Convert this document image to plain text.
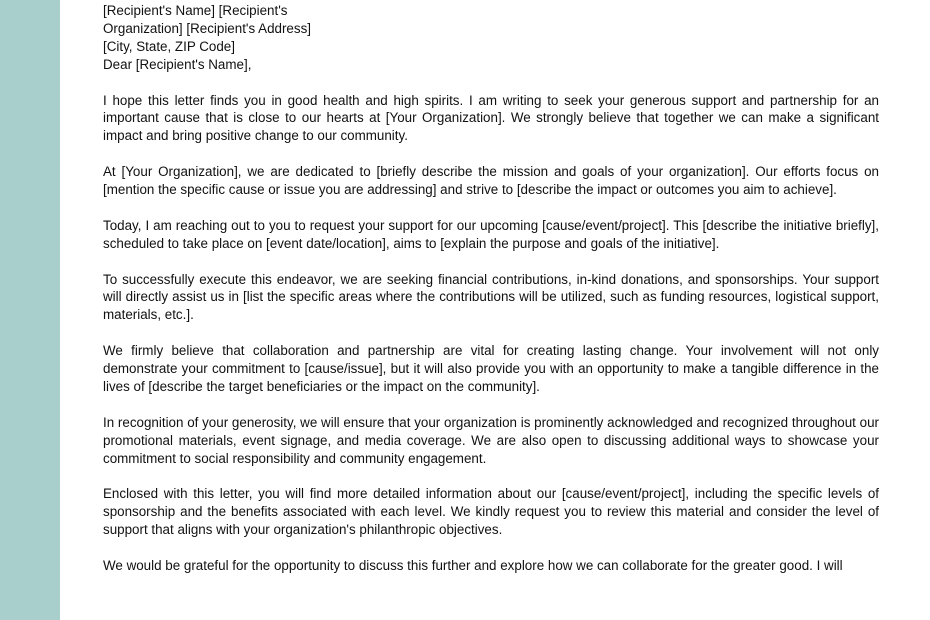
[Recipient's Name] [Recipient's Organization] [Recipient's Address]
[City, State, ZIP Code]

Dear [Recipient's Name],

I hope this letter finds you in good health and high spirits. I am writing to seek your generous support and partnership for an important cause that is close to our hearts at [Your Organization]. We strongly believe that together we can make a significant impact and bring positive change to our community.

At [Your Organization], we are dedicated to [briefly describe the mission and goals of your organization]. Our efforts focus on [mention the specific cause or issue you are addressing] and strive to [describe the impact or outcomes you aim to achieve].

Today, I am reaching out to you to request your support for our upcoming [cause/event/project]. This [describe the initiative briefly], scheduled to take place on [event date/location], aims to [explain the purpose and goals of the initiative].

To successfully execute this endeavor, we are seeking financial contributions, in-kind donations, and sponsorships. Your support will directly assist us in [list the specific areas where the contributions will be utilized, such as funding resources, logistical support, materials, etc.].

We firmly believe that collaboration and partnership are vital for creating lasting change. Your involvement will not only demonstrate your commitment to [cause/issue], but it will also provide you with an opportunity to make a tangible difference in the lives of [describe the target beneficiaries or the impact on the community].

In recognition of your generosity, we will ensure that your organization is prominently acknowledged and recognized throughout our promotional materials, event signage, and media coverage. We are also open to discussing additional ways to showcase your commitment to social responsibility and community engagement.

Enclosed with this letter, you will find more detailed information about our [cause/event/project], including the specific levels of sponsorship and the benefits associated with each level. We kindly request you to review this material and consider the level of support that aligns with your organization's philanthropic objectives.

We would be grateful for the opportunity to discuss this further and explore how we can collaborate for the greater good. I will
